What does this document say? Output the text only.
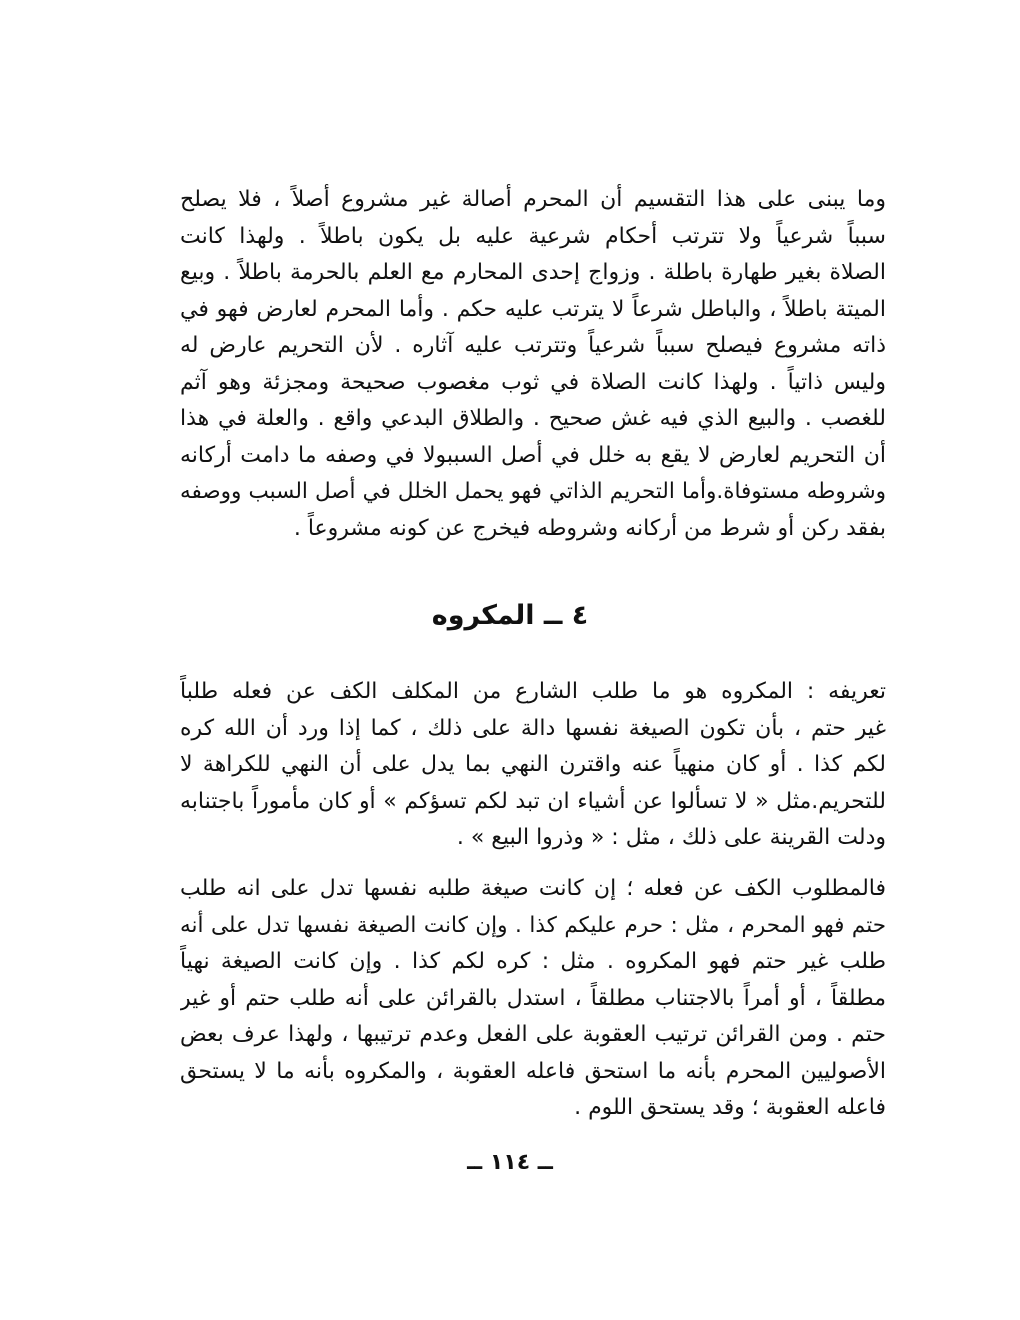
وما يبنى على هذا التقسيم أن المحرم أصالة غير مشروع أصلاً ، فلا يصلح
سبباً شرعياً ولا تترتب أحكام شرعية عليه بل يكون باطلاً . ولهذا كانت
الصلاة بغير طهارة باطلة . وزواج إحدى المحارم مع العلم بالحرمة باطلاً . وبيع
الميتة باطلاً ، والباطل شرعاً لا يترتب عليه حكم . وأما المحرم لعارض فهو في
ذاته مشروع فيصلح سبباً شرعياً وتترتب عليه آثاره . لأن التحريم عارض له
وليس ذاتياً . ولهذا كانت الصلاة في ثوب مغصوب صحيحة ومجزئة وهو آثم
للغصب . والبيع الذي فيه غش صحيح . والطلاق البدعي واقع . والعلة في هذا
أن التحريم لعارض لا يقع به خلل في أصل السببولا في وصفه ما دامت أركانه
وشروطه مستوفاة.وأما التحريم الذاتي فهو يحمل الخلل في أصل السبب ووصفه
بفقد ركن أو شرط من أركانه وشروطه فيخرج عن كونه مشروعاً .
٤ ــ المكروه
تعريفه : المكروه هو ما طلب الشارع من المكلف الكف عن فعله طلباً
غير حتم ، بأن تكون الصيغة نفسها دالة على ذلك ، كما إذا ورد أن الله كره
لكم كذا . أو كان منهياً عنه واقترن النهي بما يدل على أن النهي للكراهة لا
للتحريم.مثل « لا تسألوا عن أشياء ان تبد لكم تسؤكم » أو كان مأموراً باجتنابه
ودلت القرينة على ذلك ، مثل : « وذروا البيع » .
فالمطلوب الكف عن فعله ؛ إن كانت صيغة طلبه نفسها تدل على انه طلب
حتم فهو المحرم ، مثل : حرم عليكم كذا . وإن كانت الصيغة نفسها تدل على أنه
طلب غير حتم فهو المكروه . مثل : كره لكم كذا . وإن كانت الصيغة نهياً
مطلقاً ، أو أمراً بالاجتناب مطلقاً ، استدل بالقرائن على أنه طلب حتم أو غير
حتم . ومن القرائن ترتيب العقوبة على الفعل وعدم ترتيبها ، ولهذا عرف بعض
الأصوليين المحرم بأنه ما استحق فاعله العقوبة ، والمكروه بأنه ما لا يستحق
فاعله العقوبة ؛ وقد يستحق اللوم .
ــ ١١٤ ــ
